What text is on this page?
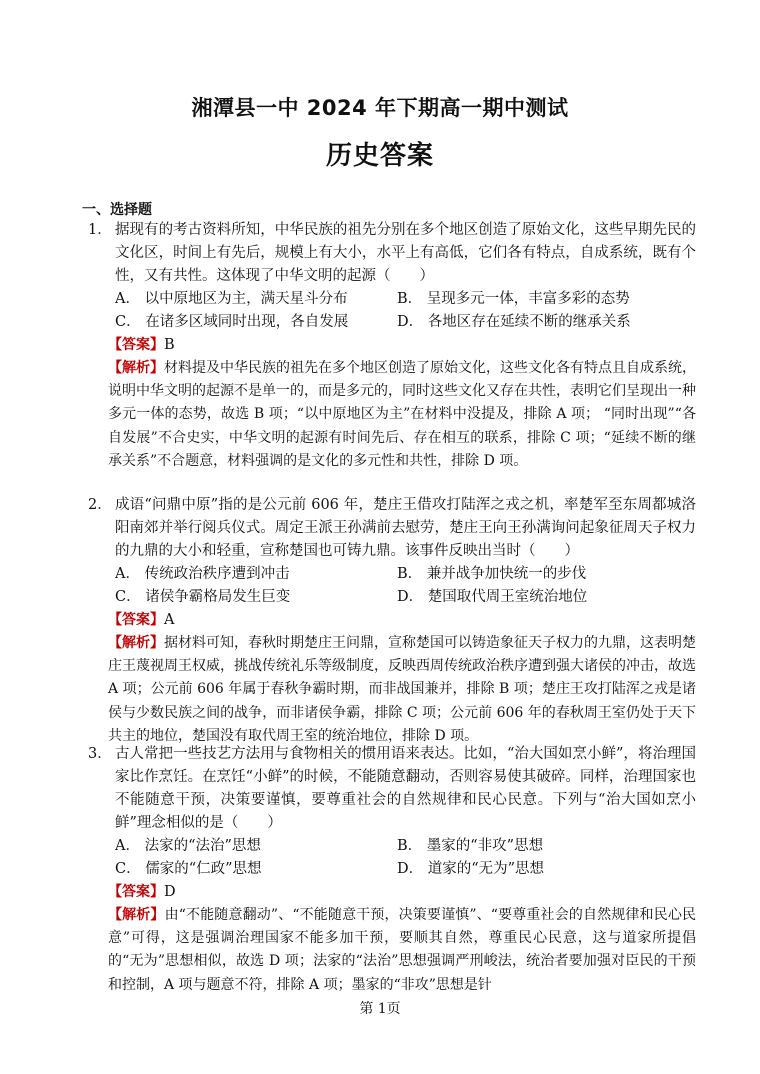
湘潭县一中 2024 年下期高一期中测试
历史答案
一、选择题
1． 据现有的考古资料所知，中华民族的祖先分别在多个地区创造了原始文化，这些早期先民的文化区，时间上有先后，规模上有大小，水平上有高低，它们各有特点，自成系统，既有个性，又有共性。这体现了中华文明的起源（　　）
A． 以中原地区为主，满天星斗分布	B． 呈现多元一体，丰富多彩的态势
C． 在诸多区域同时出现，各自发展	D． 各地区存在延续不断的继承关系
【答案】B
【解析】材料提及中华民族的祖先在多个地区创造了原始文化，这些文化各有特点且自成系统，说明中华文明的起源不是单一的，而是多元的，同时这些文化又存在共性，表明它们呈现出一种多元一体的态势，故选 B 项；“以中原地区为主”在材料中没提及，排除 A 项； “同时出现”“各自发展”不合史实，中华文明的起源有时间先后、存在相互的联系，排除 C 项；“延续不断的继承关系”不合题意，材料强调的是文化的多元性和共性，排除 D 项。
2． 成语“问鼎中原”指的是公元前 606 年，楚庄王借攻打陆浑之戎之机，率楚军至东周都城洛阳南郊并举行阅兵仪式。周定王派王孙满前去慰劳，楚庄王向王孙满询问起象征周天子权力的九鼎的大小和轻重，宣称楚国也可铸九鼎。该事件反映出当时（　　）
A． 传统政治秩序遭到冲击	B． 兼并战争加快统一的步伐
C． 诸侯争霸格局发生巨变	D． 楚国取代周王室统治地位
【答案】A
【解析】据材料可知，春秋时期楚庄王问鼎，宣称楚国可以铸造象征天子权力的九鼎，这表明楚庄王蔑视周王权威，挑战传统礼乐等级制度，反映西周传统政治秩序遭到强大诸侯的冲击，故选 A 项；公元前 606 年属于春秋争霸时期，而非战国兼并，排除 B 项；楚庄王攻打陆浑之戎是诸侯与少数民族之间的战争，而非诸侯争霸，排除 C 项；公元前 606 年的春秋周王室仍处于天下共主的地位，楚国没有取代周王室的统治地位，排除 D 项。
3． 古人常把一些技艺方法用与食物相关的惯用语来表达。比如，“治大国如烹小鲜”，将治理国家比作烹饪。在烹饪“小鲜”的时候，不能随意翻动，否则容易使其破碎。同样，治理国家也不能随意干预，决策要谨慎，要尊重社会的自然规律和民心民意。下列与“治大国如烹小鲜”理念相似的是（　　）
A． 法家的“法治”思想	B． 墨家的“非攻”思想
C． 儒家的“仁政”思想	D． 道家的“无为”思想
【答案】D
【解析】由“不能随意翻动”、“不能随意干预，决策要谨慎”、“要尊重社会的自然规律和民心民意”可得，这是强调治理国家不能多加干预，要顺其自然，尊重民心民意，这与道家所提倡的“无为”思想相似，故选 D 项；法家的“法治”思想强调严刑峻法，统治者要加强对臣民的干预和控制，A 项与题意不符，排除 A 项；墨家的“非攻”思想是针
第 1页
